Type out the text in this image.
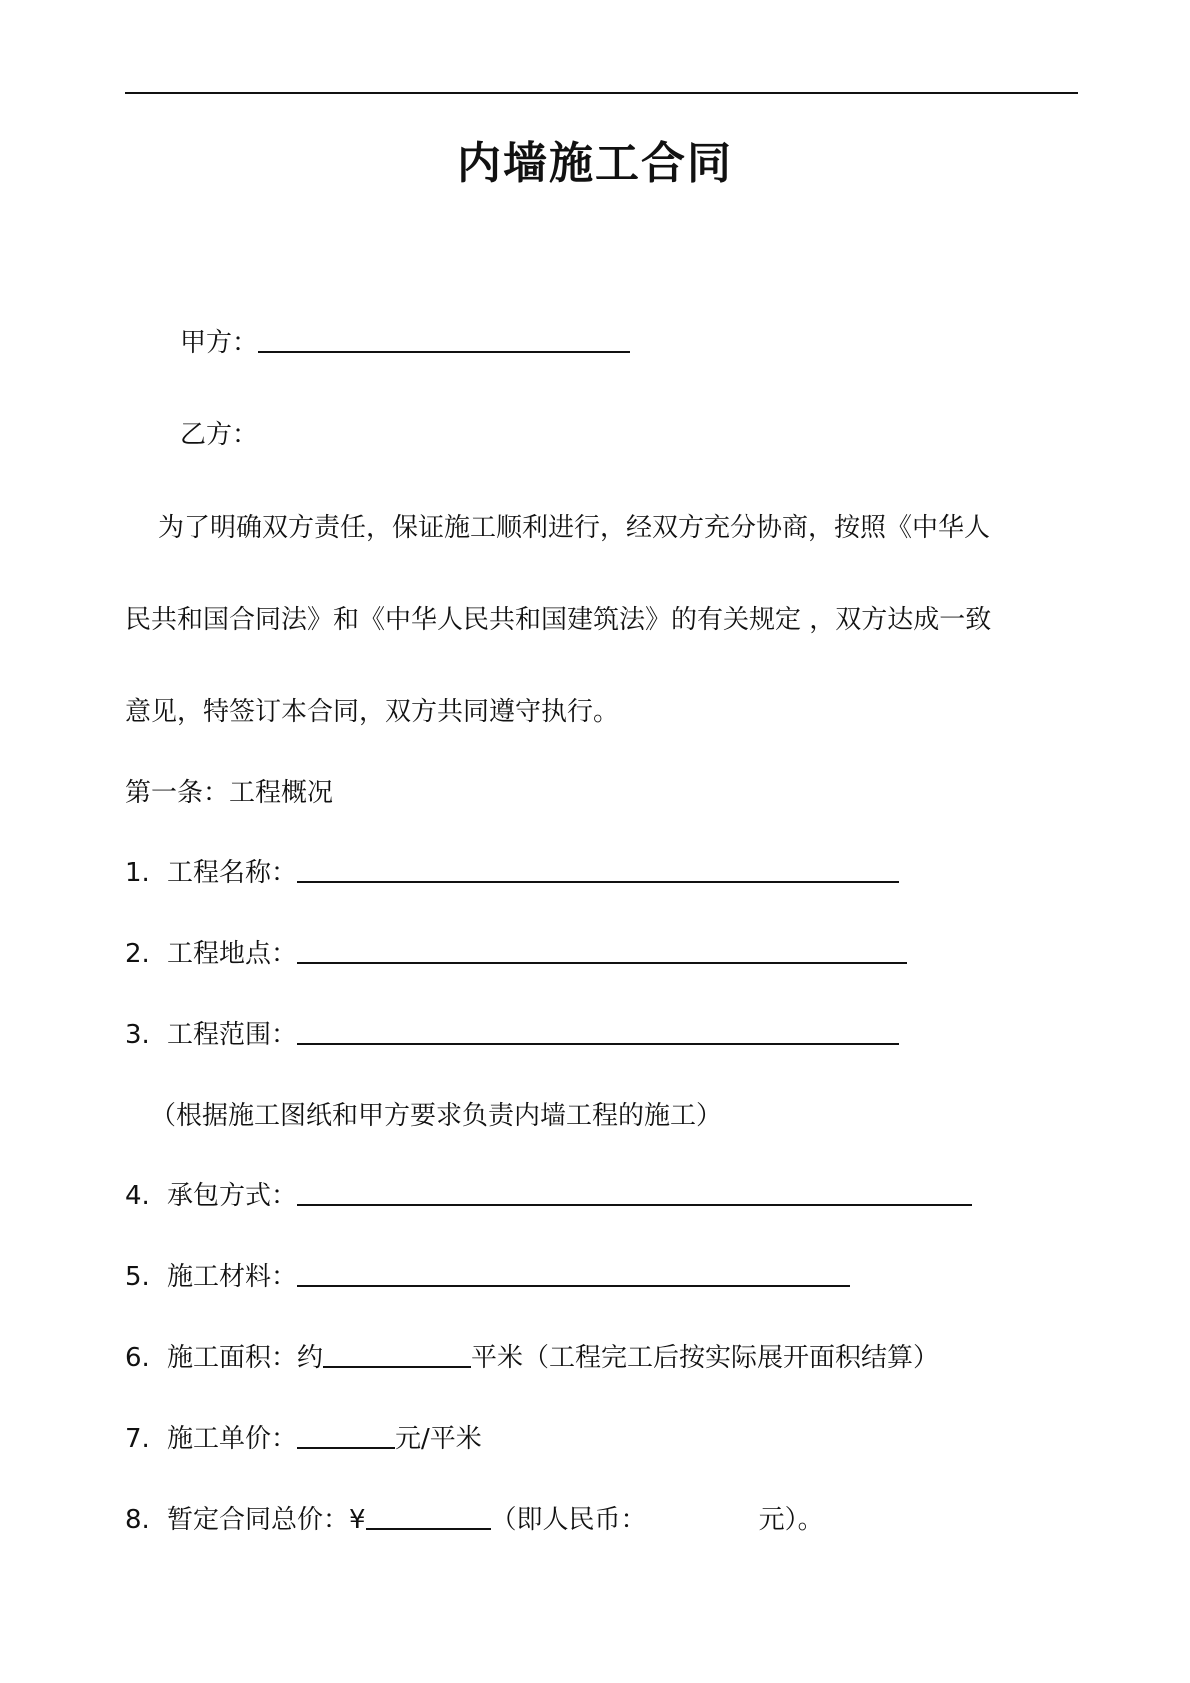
内墙施工合同
甲方：
乙方：
为了明确双方责任，保证施工顺利进行，经双方充分协商，按照《中华人
民共和国合同法》和《中华人民共和国建筑法》的有关规定 ，双方达成一致
意见，特签订本合同，双方共同遵守执行。
第一条：工程概况
1. 工程名称：
2. 工程地点：
3. 工程范围：
（根据施工图纸和甲方要求负责内墙工程的施工）
4. 承包方式：
5. 施工材料：
6. 施工面积：约	平米（工程完工后按实际展开面积结算）
7. 施工单价：	元/平米
8. 暂定合同总价：¥	（即人民币：	元）。
